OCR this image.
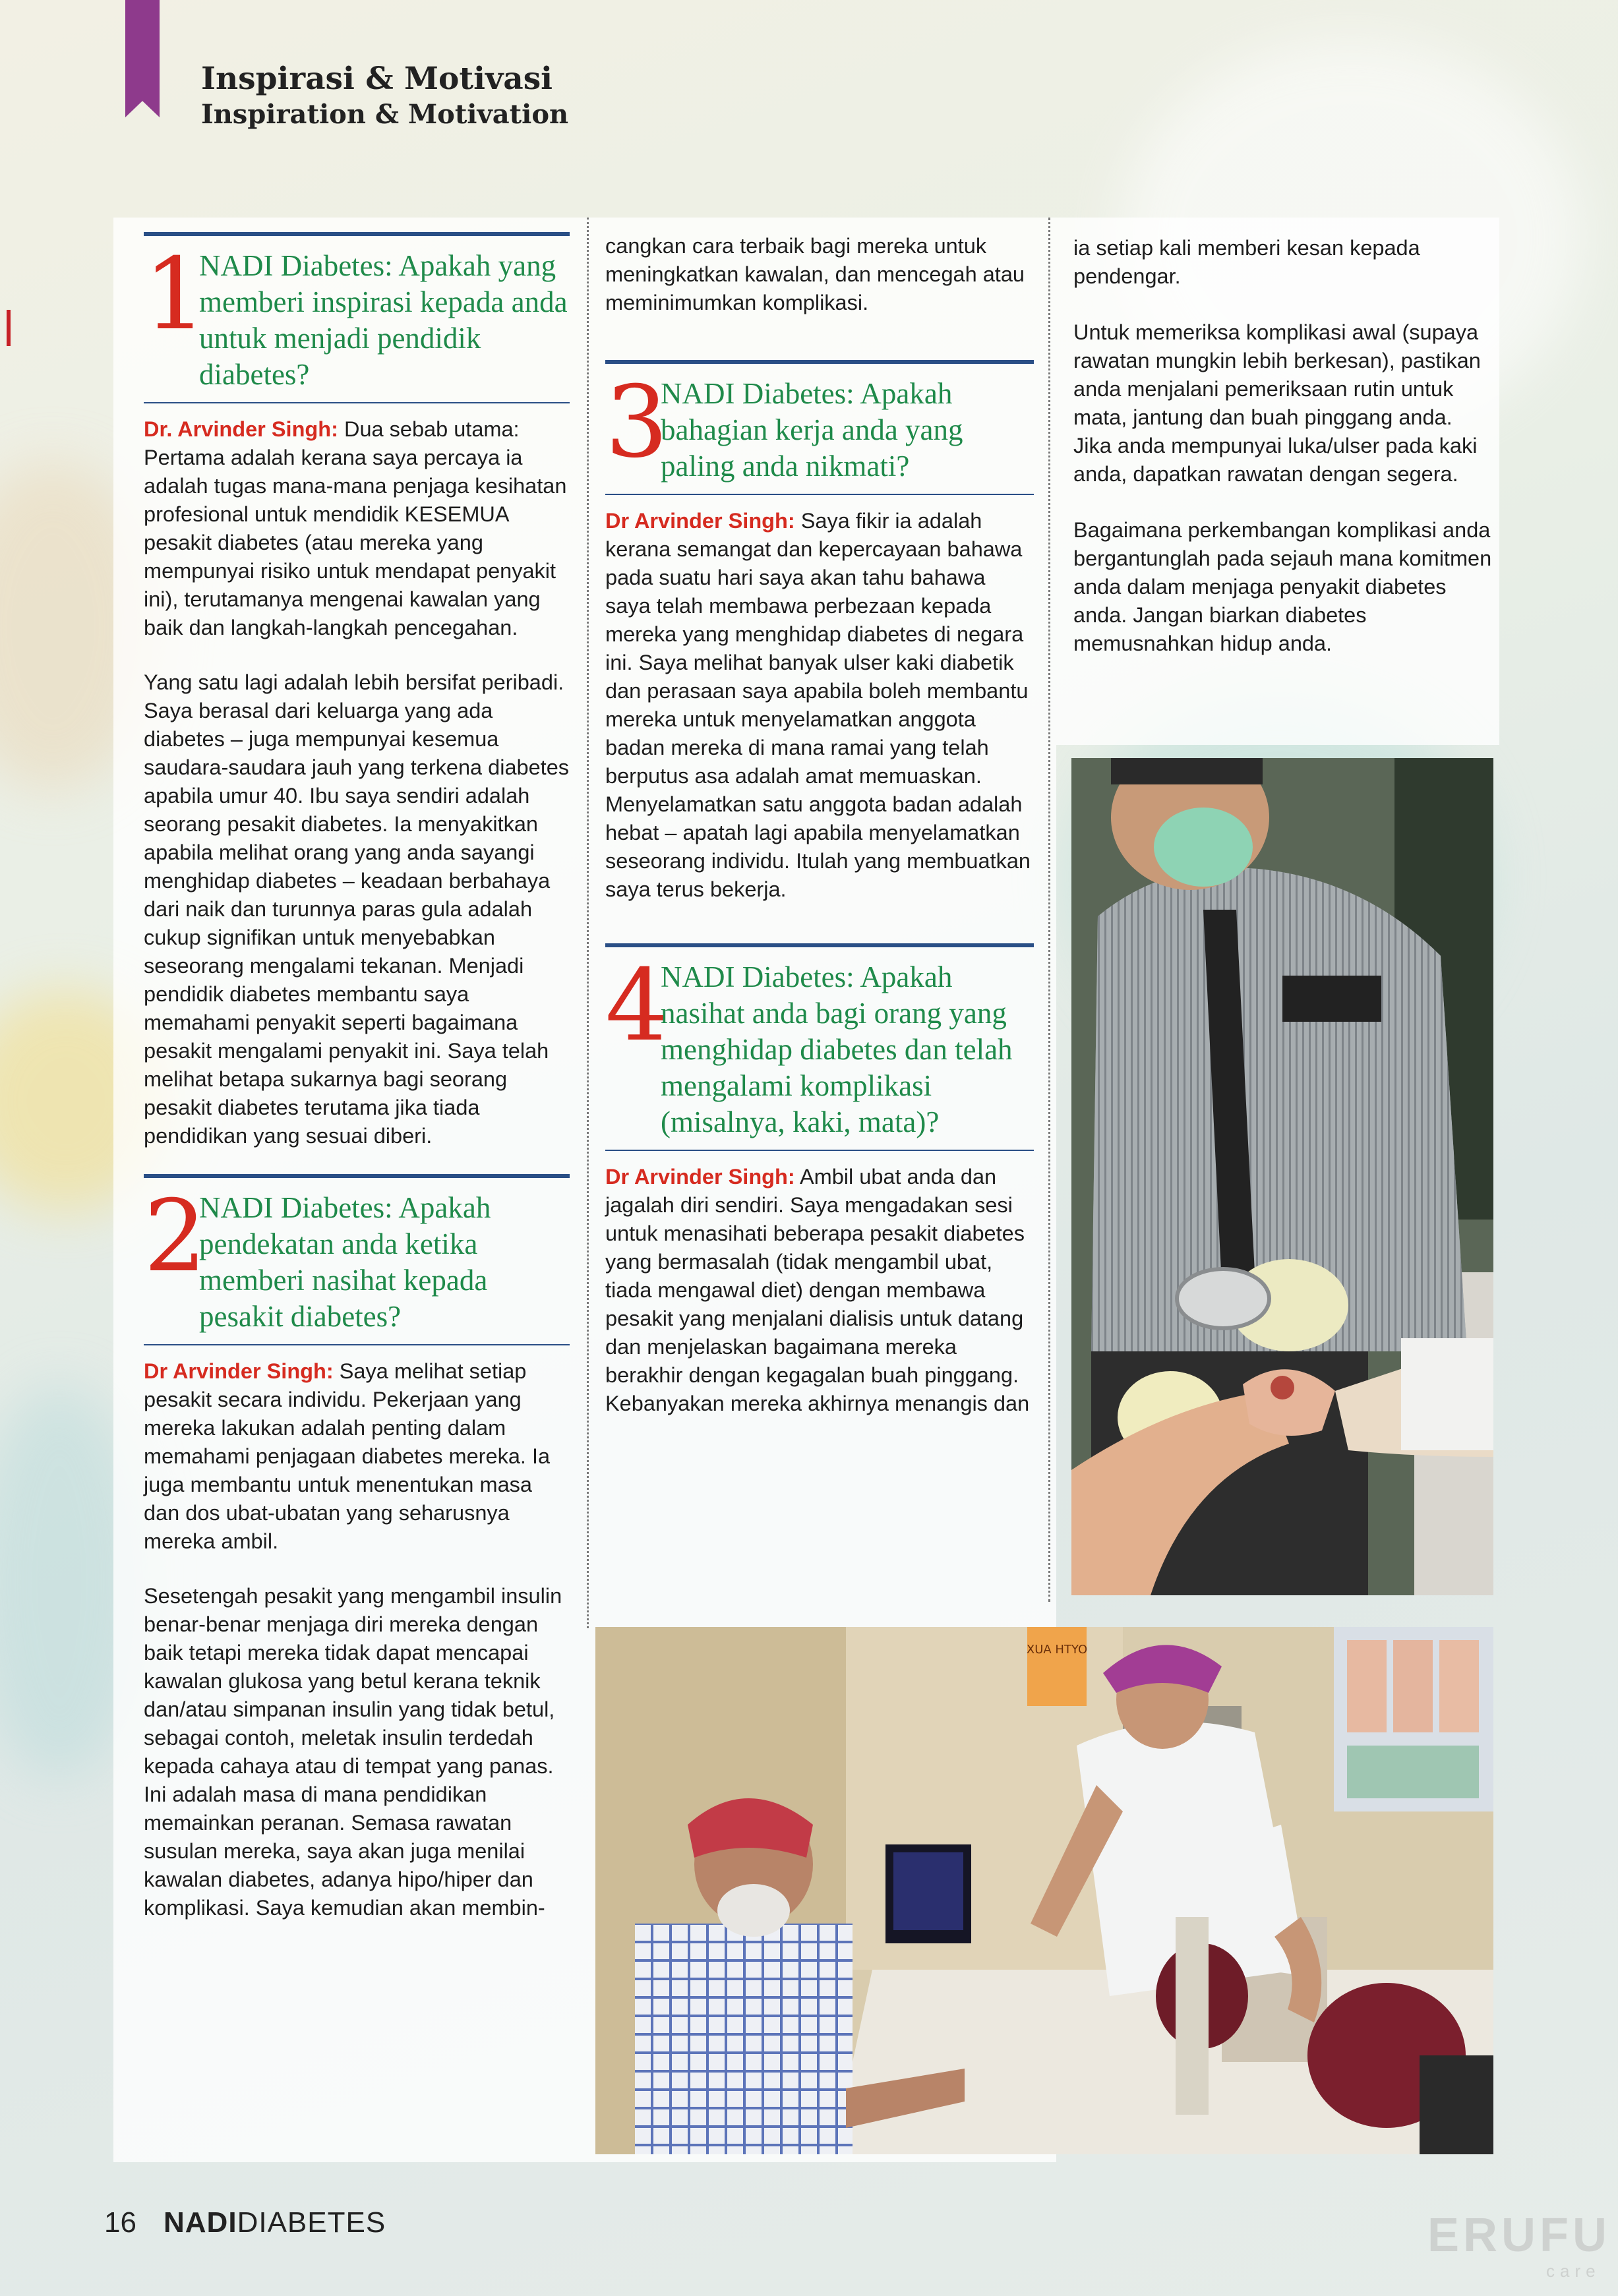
Inspirasi & Motivasi
Inspiration & Motivation
1
NADI Diabetes: Apakah yang memberi inspirasi kepada anda untuk menjadi pendidik diabetes?

Dr. Arvinder Singh: Dua sebab utama: Pertama adalah kerana saya percaya ia adalah tugas mana-mana penjaga kesihatan profesional untuk mendidik KESEMUA pesakit diabetes (atau mereka yang mempunyai risiko untuk mendapat penyakit ini), terutamanya mengenai kawalan yang baik dan langkah-langkah pencegahan.

Yang satu lagi adalah lebih bersifat peribadi. Saya berasal dari keluarga yang ada diabetes – juga mempunyai kesemua saudara-saudara jauh yang terkena diabetes apabila umur 40. Ibu saya sendiri adalah seorang pesakit diabetes. Ia menyakitkan apabila melihat orang yang anda sayangi menghidap diabetes – keadaan berbahaya dari naik dan turunnya paras gula adalah cukup signifikan untuk menyebabkan seseorang mengalami tekanan. Menjadi pendidik diabetes membantu saya memahami penyakit seperti bagaimana pesakit mengalami penyakit ini. Saya telah melihat betapa sukarnya bagi seorang pesakit diabetes terutama jika tiada pendidikan yang sesuai diberi.

2
NADI Diabetes: Apakah pendekatan anda ketika memberi nasihat kepada pesakit diabetes?

Dr Arvinder Singh: Saya melihat setiap pesakit secara individu. Pekerjaan yang mereka lakukan adalah penting dalam memahami penjagaan diabetes mereka. Ia juga membantu untuk menentukan masa dan dos ubat-ubatan yang seharusnya mereka ambil.

Sesetengah pesakit yang mengambil insulin benar-benar menjaga diri mereka dengan baik tetapi mereka tidak dapat mencapai kawalan glukosa yang betul kerana teknik dan/atau simpanan insulin yang tidak betul, sebagai contoh, meletak insulin terdedah kepada cahaya atau di tempat yang panas. Ini adalah masa di mana pendidikan memainkan peranan. Semasa rawatan susulan mereka, saya akan juga menilai kawalan diabetes, adanya hipo/hiper dan komplikasi. Saya kemudian akan membin-

cangkan cara terbaik bagi mereka untuk meningkatkan kawalan, dan mencegah atau meminimumkan komplikasi.

3
NADI Diabetes: Apakah bahagian kerja anda yang paling anda nikmati?

Dr Arvinder Singh: Saya fikir ia adalah kerana semangat dan kepercayaan bahawa pada suatu hari saya akan tahu bahawa saya telah membawa perbezaan kepada mereka yang menghidap diabetes di negara ini. Saya melihat banyak ulser kaki diabetik dan perasaan saya apabila boleh membantu mereka untuk menyelamatkan anggota badan mereka di mana ramai yang telah berputus asa adalah amat memuaskan. Menyelamatkan satu anggota badan adalah hebat – apatah lagi apabila menyelamatkan seseorang individu. Itulah yang membuatkan saya terus bekerja.

4
NADI Diabetes: Apakah nasihat anda bagi orang yang menghidap diabetes dan telah mengalami komplikasi (misalnya, kaki, mata)?

Dr Arvinder Singh: Ambil ubat anda dan jagalah diri sendiri. Saya mengadakan sesi untuk menasihati beberapa pesakit diabetes yang bermasalah (tidak mengambil ubat, tiada mengawal diet) dengan membawa pesakit yang menjalani dialisis untuk datang dan menjelaskan bagaimana mereka berakhir dengan kegagalan buah pinggang. Kebanyakan mereka akhirnya menangis dan

ia setiap kali memberi kesan kepada pendengar.

Untuk memeriksa komplikasi awal (supaya rawatan mungkin lebih berkesan), pastikan anda menjalani pemeriksaan rutin untuk mata, jantung dan buah pinggang anda. Jika anda mempunyai luka/ulser pada kaki anda, dapatkan rawatan dengan segera.

Bagaimana perkembangan komplikasi anda bergantunglah pada sejauh mana komitmen anda dalam menjaga penyakit diabetes anda. Jangan biarkan diabetes memusnahkan hidup anda.

XUA HTYO
16 NADIDIABETES	ERUFU
care
